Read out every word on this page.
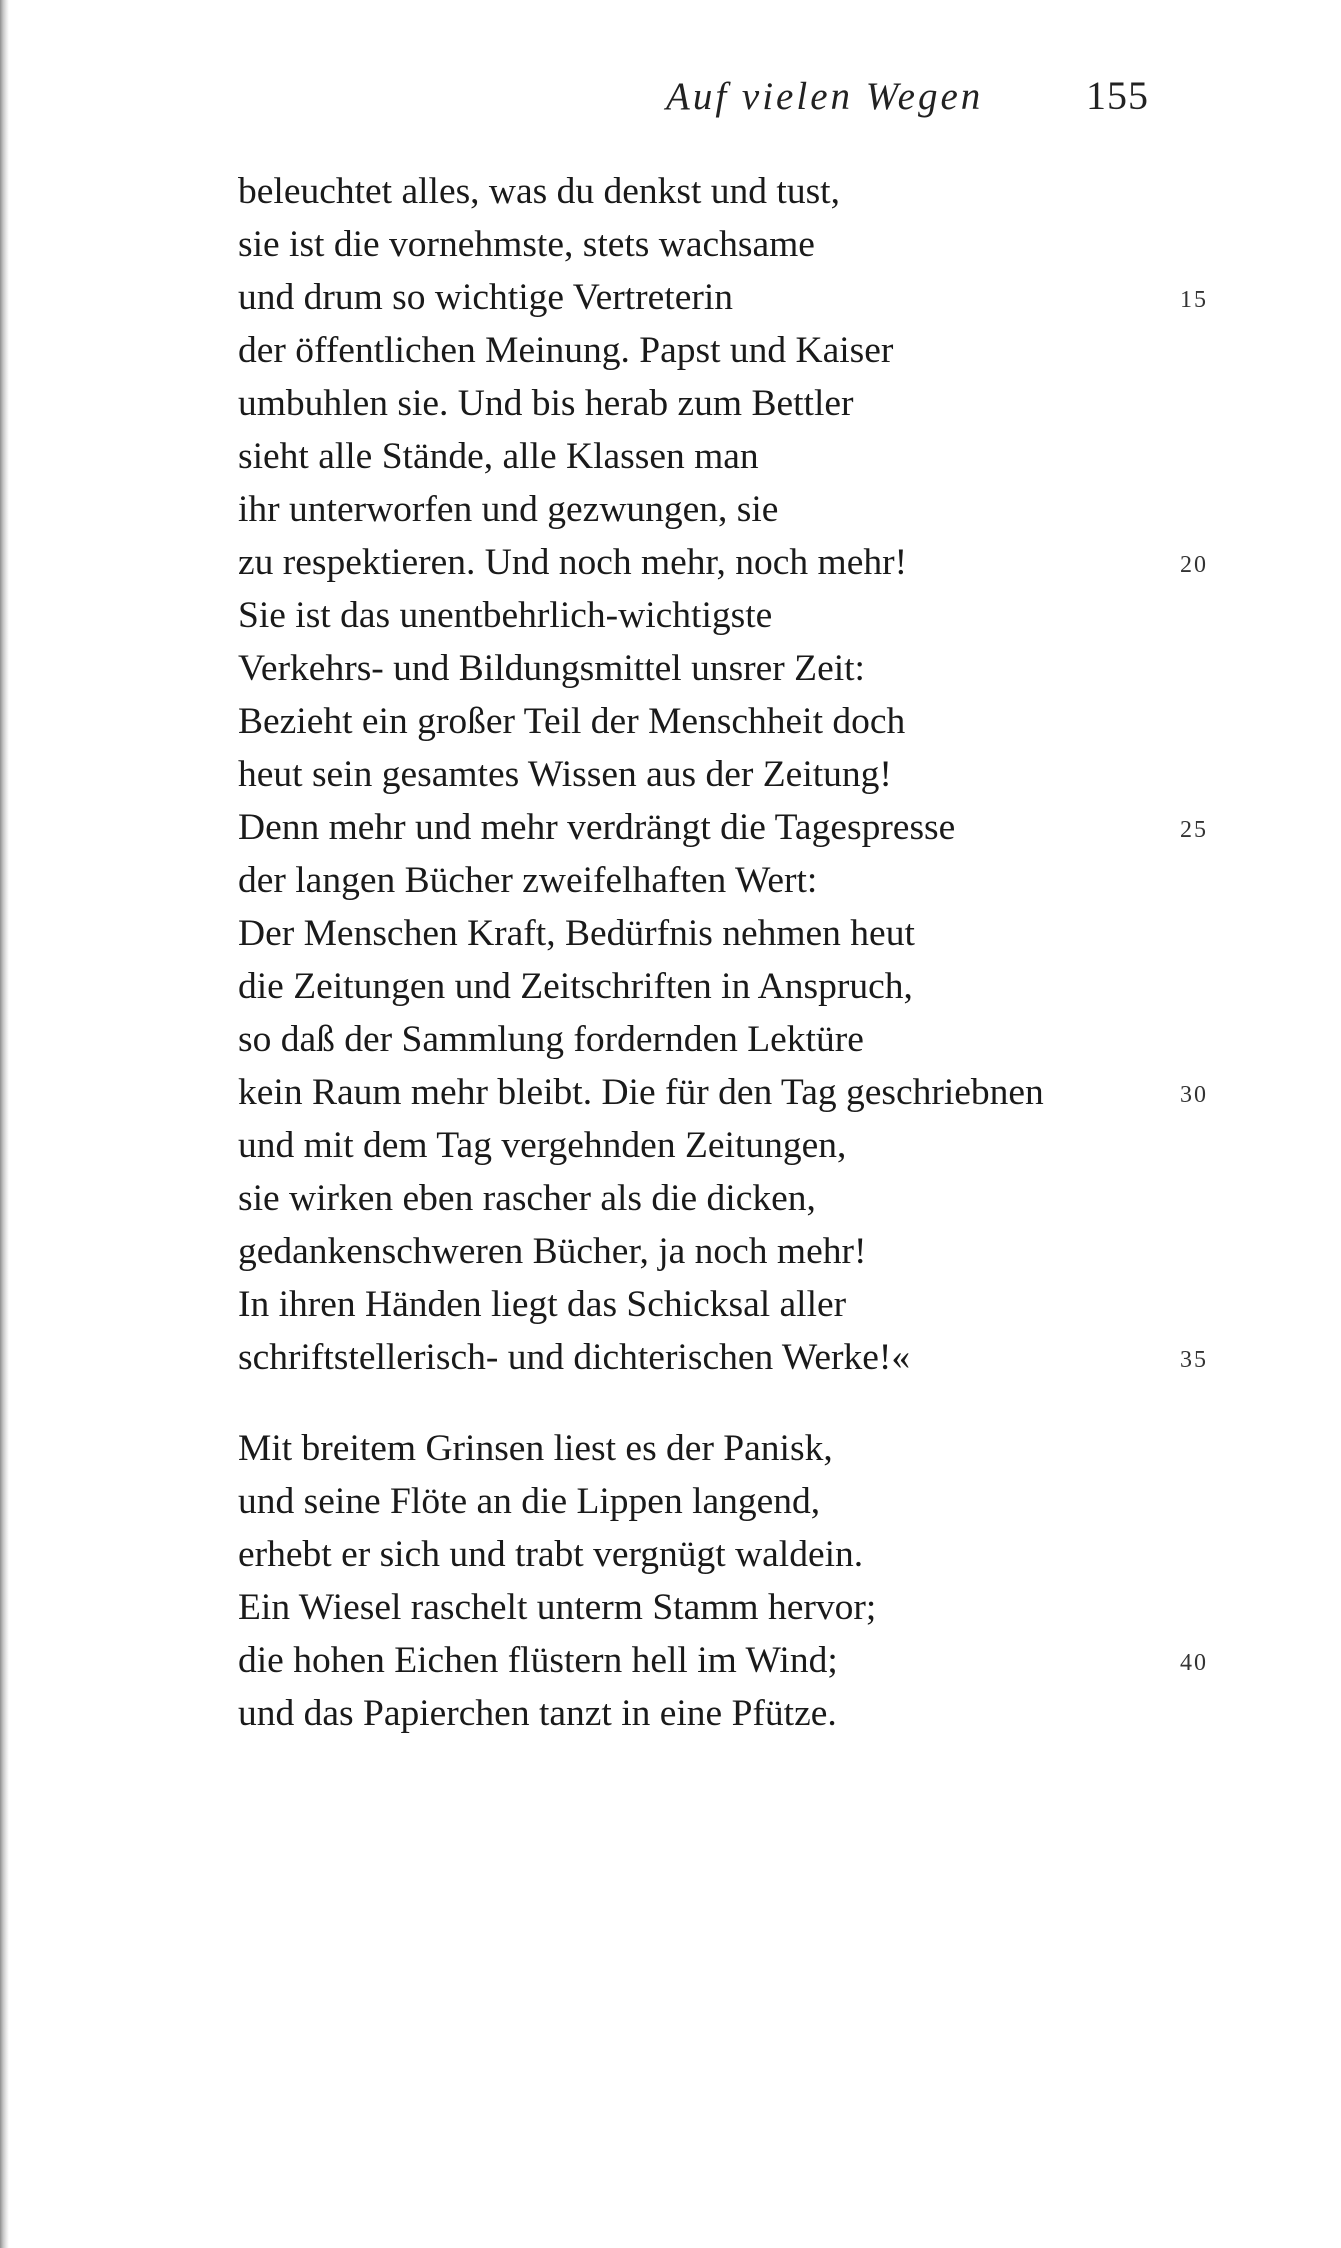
Auf vielen Wegen	155
beleuchtet alles, was du denkst und tust,
sie ist die vornehmste, stets wachsame
und drum so wichtige Vertreterin	15
der öffentlichen Meinung. Papst und Kaiser
umbuhlen sie. Und bis herab zum Bettler
sieht alle Stände, alle Klassen man
ihr unterworfen und gezwungen, sie
zu respektieren. Und noch mehr, noch mehr!	20
Sie ist das unentbehrlich-wichtigste
Verkehrs- und Bildungsmittel unsrer Zeit:
Bezieht ein großer Teil der Menschheit doch
heut sein gesamtes Wissen aus der Zeitung!
Denn mehr und mehr verdrängt die Tagespresse	25
der langen Bücher zweifelhaften Wert:
Der Menschen Kraft, Bedürfnis nehmen heut
die Zeitungen und Zeitschriften in Anspruch,
so daß der Sammlung fordernden Lektüre
kein Raum mehr bleibt. Die für den Tag geschriebnen	30
und mit dem Tag vergehnden Zeitungen,
sie wirken eben rascher als die dicken,
gedankenschweren Bücher, ja noch mehr!
In ihren Händen liegt das Schicksal aller
schriftstellerisch- und dichterischen Werke!«	35
Mit breitem Grinsen liest es der Panisk,
und seine Flöte an die Lippen langend,
erhebt er sich und trabt vergnügt waldein.
Ein Wiesel raschelt unterm Stamm hervor;
die hohen Eichen flüstern hell im Wind;	40
und das Papierchen tanzt in eine Pfütze.
